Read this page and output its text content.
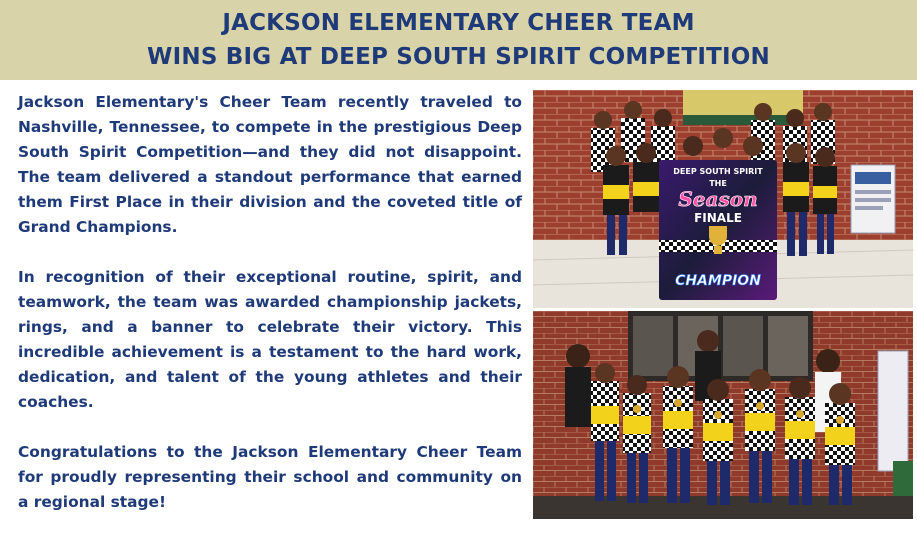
JACKSON ELEMENTARY CHEER TEAM
WINS BIG AT DEEP SOUTH SPIRIT COMPETITION

Jackson Elementary's Cheer Team recently traveled to Nashville, Tennessee, to compete in the prestigious Deep South Spirit Competition—and they did not disappoint. The team delivered a standout performance that earned them First Place in their division and the coveted title of Grand Champions.

In recognition of their exceptional routine, spirit, and teamwork, the team was awarded championship jackets, rings, and a banner to celebrate their victory. This incredible achievement is a testament to the hard work, dedication, and talent of the young athletes and their coaches.

Congratulations to the Jackson Elementary Cheer Team for proudly representing their school and community on a regional stage!

DEEP SOUTH SPIRIT
THE
Season
FINALE
CHAMPION
